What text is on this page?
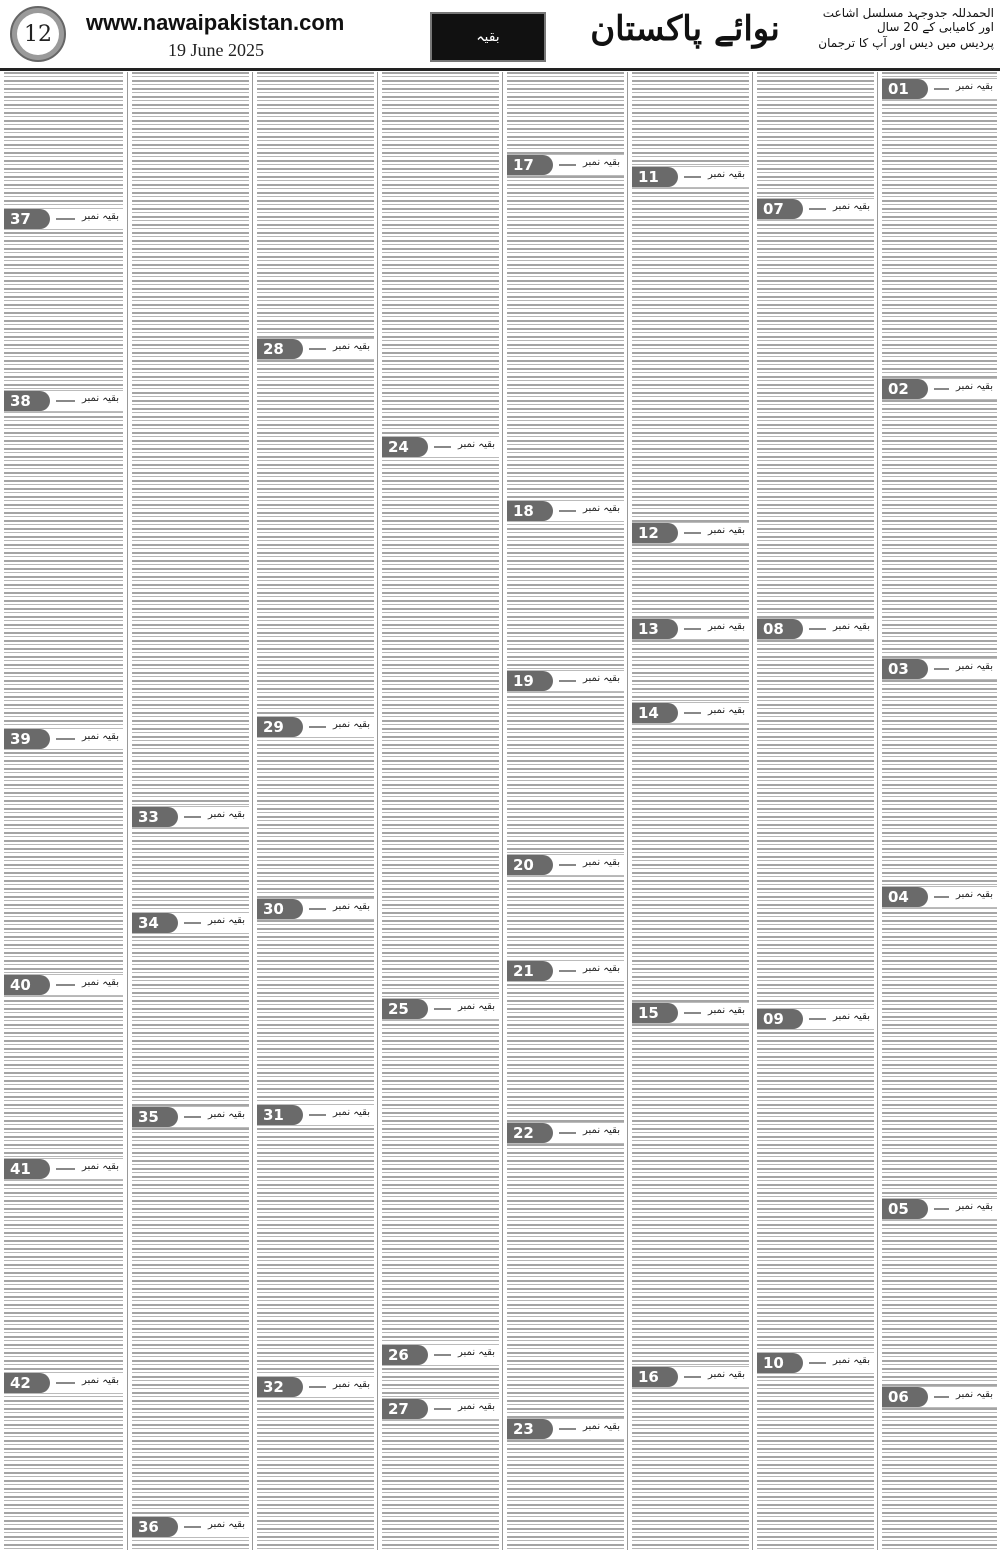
12	www.nawaipakistan.com
19 June 2025
بقیہ	نوائے پاکستان	الحمدللہ جدوجہد مسلسل اشاعت اور کامیابی کے 20 سال
پردیس میں دیس اور آپ کا ترجمان
01	بقیہ نمبر
02	بقیہ نمبر
03	بقیہ نمبر
04	بقیہ نمبر
05	بقیہ نمبر
06	بقیہ نمبر
07	بقیہ نمبر
08	بقیہ نمبر
09	بقیہ نمبر
10	بقیہ نمبر
11	بقیہ نمبر
12	بقیہ نمبر
13	بقیہ نمبر
14	بقیہ نمبر
15	بقیہ نمبر
16	بقیہ نمبر
17	بقیہ نمبر
18	بقیہ نمبر
19	بقیہ نمبر
20	بقیہ نمبر
21	بقیہ نمبر
22	بقیہ نمبر
23	بقیہ نمبر
24	بقیہ نمبر
25	بقیہ نمبر
26	بقیہ نمبر
27	بقیہ نمبر
28	بقیہ نمبر
29	بقیہ نمبر
30	بقیہ نمبر
31	بقیہ نمبر
32	بقیہ نمبر
33	بقیہ نمبر
34	بقیہ نمبر
35	بقیہ نمبر
36	بقیہ نمبر
37	بقیہ نمبر
38	بقیہ نمبر
39	بقیہ نمبر
40	بقیہ نمبر
41	بقیہ نمبر
42	بقیہ نمبر
